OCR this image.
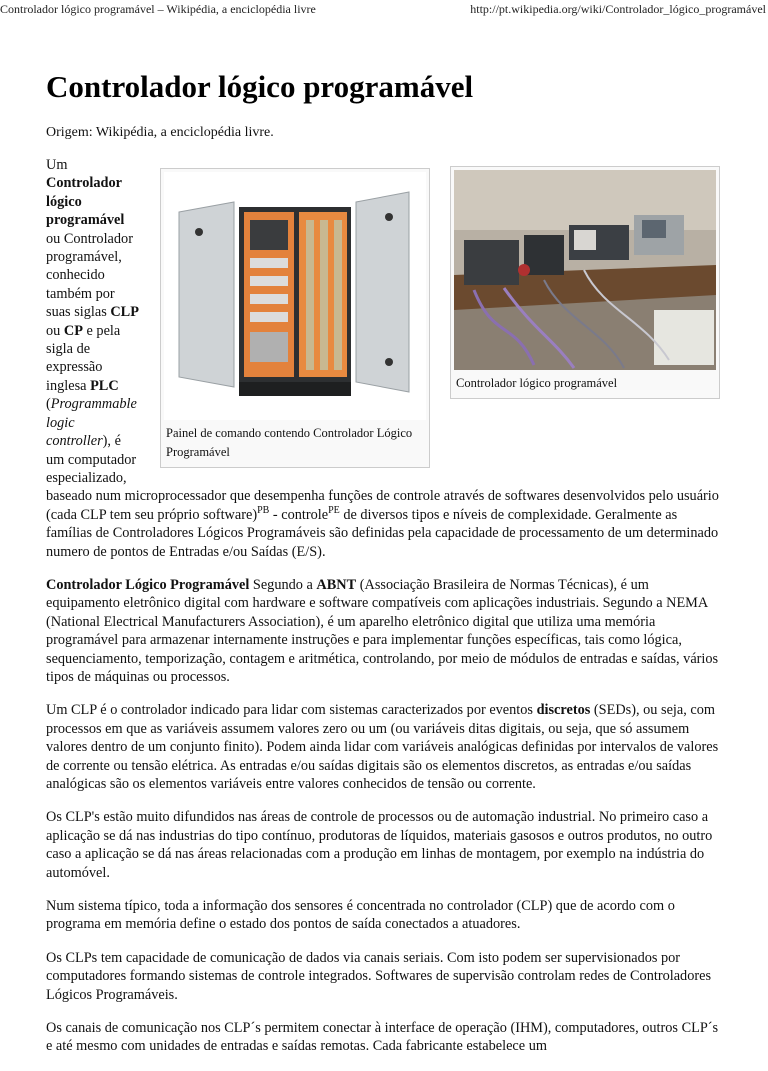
Controlador lógico programável – Wikipédia, a enciclopédia livre	http://pt.wikipedia.org/wiki/Controlador_lógico_programável
Controlador lógico programável
Origem: Wikipédia, a enciclopédia livre.
Controlador lógico programável
Painel de comando contendo Controlador Lógico Programável

Um Controlador lógico programável ou Controlador programável, conhecido também por suas siglas CLP ou CP e pela sigla de expressão inglesa PLC (Programmable logic controller), é um computador especializado, baseado num microprocessador que desempenha funções de controle através de softwares desenvolvidos pelo usuário (cada CLP tem seu próprio software)$^{PB}$ - controle$^{PE}$ de diversos tipos e níveis de complexidade. Geralmente as famílias de Controladores Lógicos Programáveis são definidas pela capacidade de processamento de um determinado numero de pontos de Entradas e/ou Saídas (E/S).

Controlador Lógico Programável Segundo a ABNT (Associação Brasileira de Normas Técnicas), é um equipamento eletrônico digital com hardware e software compatíveis com aplicações industriais. Segundo a NEMA (National Electrical Manufacturers Association), é um aparelho eletrônico digital que utiliza uma memória programável para armazenar internamente instruções e para implementar funções específicas, tais como lógica, sequenciamento, temporização, contagem e aritmética, controlando, por meio de módulos de entradas e saídas, vários tipos de máquinas ou processos.

Um CLP é o controlador indicado para lidar com sistemas caracterizados por eventos discretos (SEDs), ou seja, com processos em que as variáveis assumem valores zero ou um (ou variáveis ditas digitais, ou seja, que só assumem valores dentro de um conjunto finito). Podem ainda lidar com variáveis analógicas definidas por intervalos de valores de corrente ou tensão elétrica. As entradas e/ou saídas digitais são os elementos discretos, as entradas e/ou saídas analógicas são os elementos variáveis entre valores conhecidos de tensão ou corrente.

Os CLP's estão muito difundidos nas áreas de controle de processos ou de automação industrial. No primeiro caso a aplicação se dá nas industrias do tipo contínuo, produtoras de líquidos, materiais gasosos e outros produtos, no outro caso a aplicação se dá nas áreas relacionadas com a produção em linhas de montagem, por exemplo na indústria do automóvel.

Num sistema típico, toda a informação dos sensores é concentrada no controlador (CLP) que de acordo com o programa em memória define o estado dos pontos de saída conectados a atuadores.

Os CLPs tem capacidade de comunicação de dados via canais seriais. Com isto podem ser supervisionados por computadores formando sistemas de controle integrados. Softwares de supervisão controlam redes de Controladores Lógicos Programáveis.

Os canais de comunicação nos CLP´s permitem conectar à interface de operação (IHM), computadores, outros CLP´s e até mesmo com unidades de entradas e saídas remotas. Cada fabricante estabelece um
